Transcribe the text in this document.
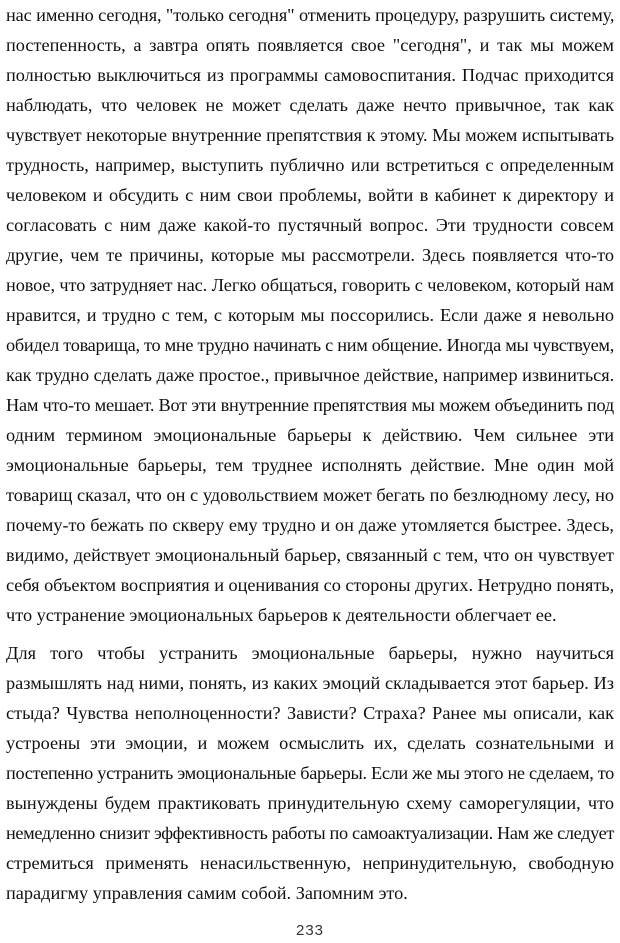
нас именно сегодня, "только сегодня" отменить процедуру, разрушить систему,
постепенность, а завтра опять появляется свое "сегодня", и так мы можем
полностью выключиться из программы самовоспитания. Подчас приходится
наблюдать, что человек не может сделать даже нечто привычное, так как
чувствует некоторые внутренние препятствия к этому. Мы можем испытывать
трудность, например, выступить публично или встретиться с определенным
человеком и обсудить с ним свои проблемы, войти в кабинет к директору и
согласовать с ним даже какой-то пустячный вопрос. Эти трудности совсем
другие, чем те причины, которые мы рассмотрели. Здесь появляется что-то
новое, что затрудняет нас. Легко общаться, говорить с человеком, который нам
нравится, и трудно с тем, с которым мы поссорились. Если даже я невольно
обидел товарища, то мне трудно начинать с ним общение. Иногда мы чувствуем,
как трудно сделать даже простое., привычное действие, например извиниться.
Нам что-то мешает. Вот эти внутренние препятствия мы можем объединить под
одним термином эмоциональные барьеры к действию. Чем сильнее эти
эмоциональные барьеры, тем труднее исполнять действие. Мне один мой
товарищ сказал, что он с удовольствием может бегать по безлюдному лесу, но
почему-то бежать по скверу ему трудно и он даже утомляется быстрее. Здесь,
видимо, действует эмоциональный барьер, связанный с тем, что он чувствует
себя объектом восприятия и оценивания со стороны других. Нетрудно понять,
что устранение эмоциональных барьеров к деятельности облегчает ее.
Для того чтобы устранить эмоциональные барьеры, нужно научиться
размышлять над ними, понять, из каких эмоций складывается этот барьер. Из
стыда? Чувства неполноценности? Зависти? Страха? Ранее мы описали, как
устроены эти эмоции, и можем осмыслить их, сделать сознательными и
постепенно устранить эмоциональные барьеры. Если же мы этого не сделаем, то
вынуждены будем практиковать принудительную схему саморегуляции, что
немедленно снизит эффективность работы по самоактуализации. Нам же следует
стремиться применять ненасильственную, непринудительную, свободную
парадигму управления самим собой. Запомним это.
233
